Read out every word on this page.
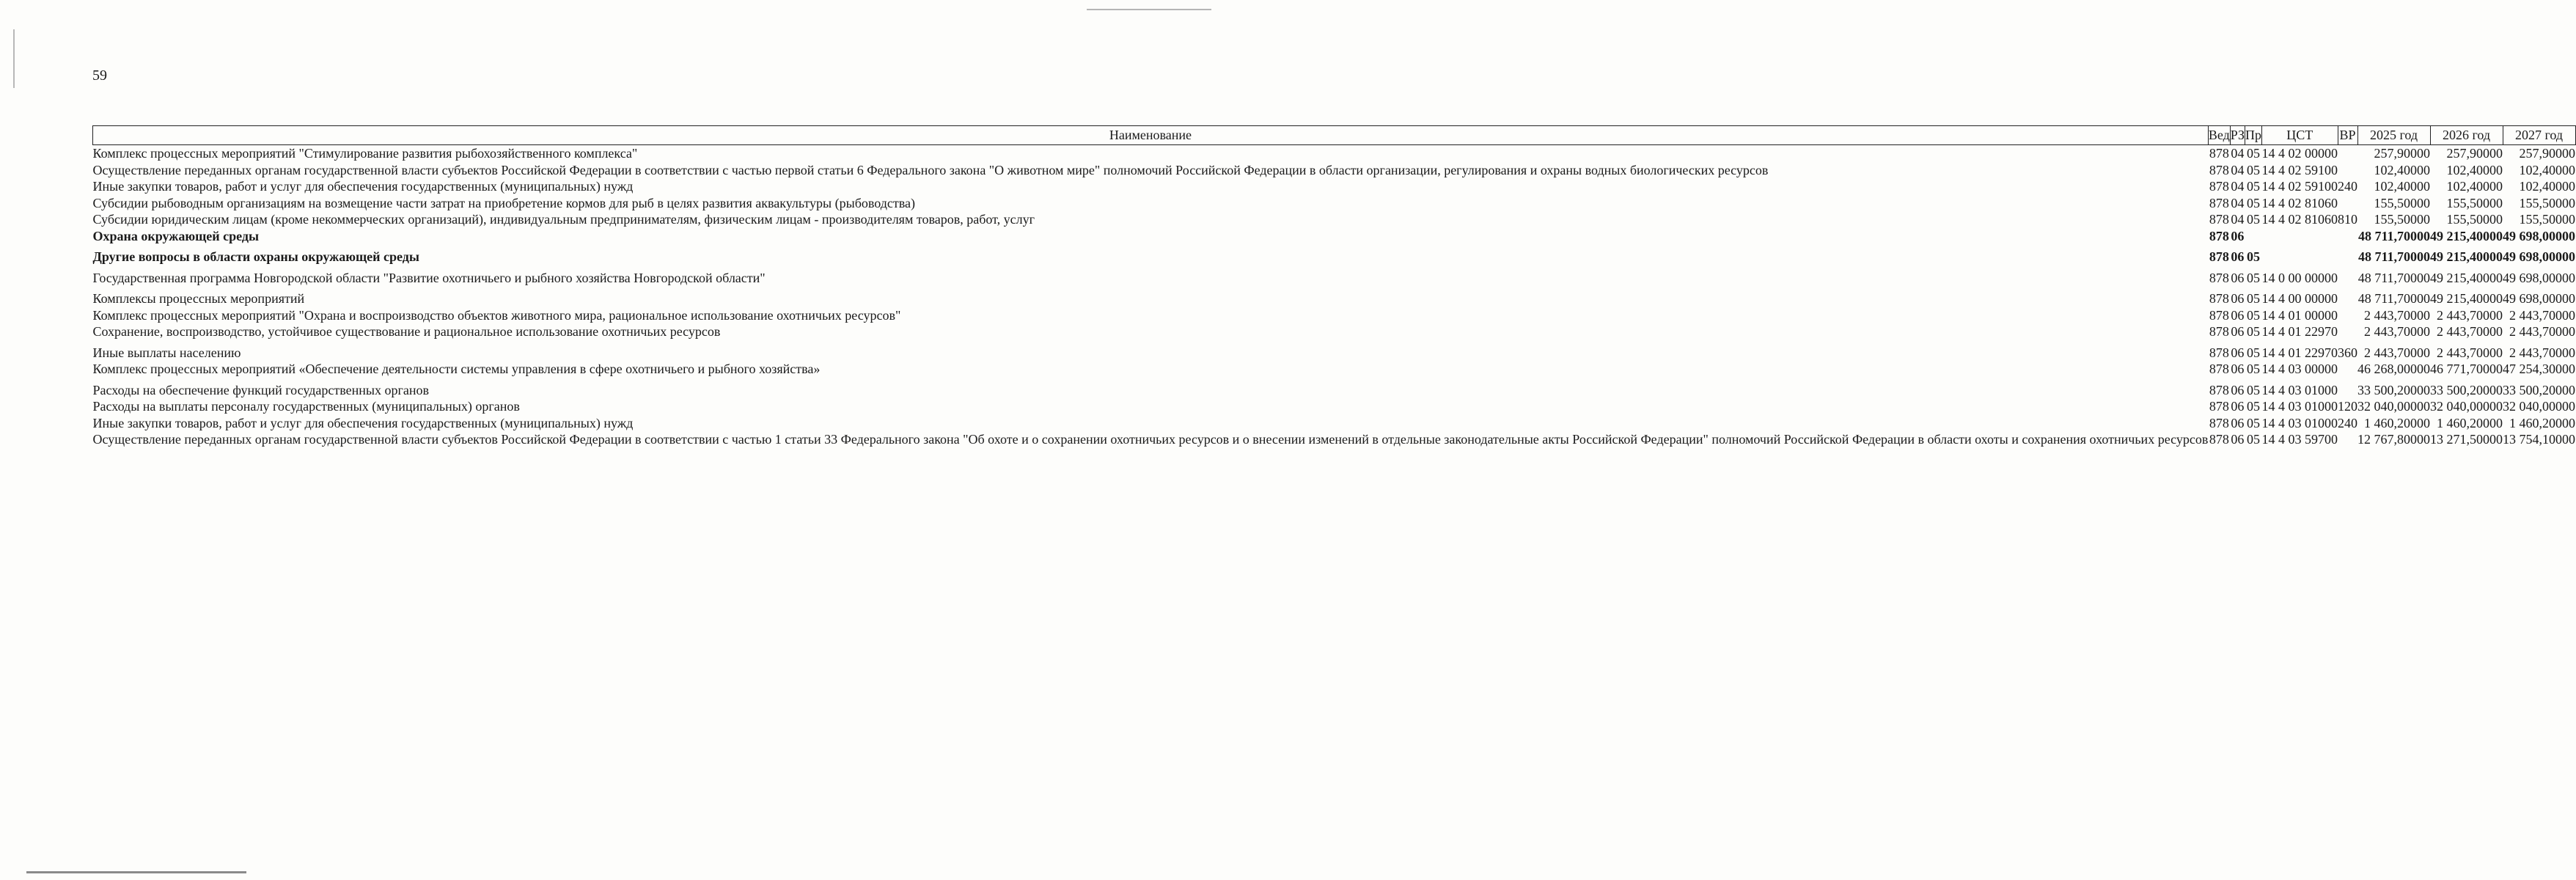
59
Наименование	Вед	РЗ	Пр	ЦСТ	ВР	2025 год	2026 год	2027 год
Комплекс процессных мероприятий "Стимулирование развития рыбохозяйственного комплекса"	878	04	05	14 4 02 00000		257,90000	257,90000	257,90000
Осуществление переданных органам государственной власти субъектов Российской Федерации в соответствии с частью первой статьи 6 Федерального закона "О животном мире" полномочий Российской Федерации в области организации, регулирования и охраны водных биологических ресурсов	878	04	05	14 4 02 59100		102,40000	102,40000	102,40000
Иные закупки товаров, работ и услуг для обеспечения государственных (муниципальных) нужд	878	04	05	14 4 02 59100	240	102,40000	102,40000	102,40000
Субсидии рыбоводным организациям на возмещение части затрат на приобретение кормов для рыб в целях развития аквакультуры (рыбоводства)	878	04	05	14 4 02 81060		155,50000	155,50000	155,50000
Субсидии юридическим лицам (кроме некоммерческих организаций), индивидуальным предпринимателям, физическим лицам - производителям товаров, работ, услуг	878	04	05	14 4 02 81060	810	155,50000	155,50000	155,50000
Охрана окружающей среды	878	06				48 711,70000	49 215,40000	49 698,00000
Другие вопросы в области охраны окружающей среды	878	06	05			48 711,70000	49 215,40000	49 698,00000
Государственная программа Новгородской области "Развитие охотничьего и рыбного хозяйства Новгородской области"	878	06	05	14 0 00 00000		48 711,70000	49 215,40000	49 698,00000
Комплексы процессных мероприятий	878	06	05	14 4 00 00000		48 711,70000	49 215,40000	49 698,00000
Комплекс процессных мероприятий "Охрана и воспроизводство объектов животного мира, рациональное использование охотничьих ресурсов"	878	06	05	14 4 01 00000		2 443,70000	2 443,70000	2 443,70000
Сохранение, воспроизводство, устойчивое существование и рациональное использование охотничьих ресурсов	878	06	05	14 4 01 22970		2 443,70000	2 443,70000	2 443,70000
Иные выплаты населению	878	06	05	14 4 01 22970	360	2 443,70000	2 443,70000	2 443,70000
Комплекс процессных мероприятий «Обеспечение деятельности системы управления в сфере охотничьего и рыбного хозяйства»	878	06	05	14 4 03 00000		46 268,00000	46 771,70000	47 254,30000
Расходы на обеспечение функций государственных органов	878	06	05	14 4 03 01000		33 500,20000	33 500,20000	33 500,20000
Расходы на выплаты персоналу государственных (муниципальных) органов	878	06	05	14 4 03 01000	120	32 040,00000	32 040,00000	32 040,00000
Иные закупки товаров, работ и услуг для обеспечения государственных (муниципальных) нужд	878	06	05	14 4 03 01000	240	1 460,20000	1 460,20000	1 460,20000
Осуществление переданных органам государственной власти субъектов Российской Федерации в соответствии с частью 1 статьи 33 Федерального закона "Об охоте и о сохранении охотничьих ресурсов и о внесении изменений в отдельные законодательные акты Российской Федерации" полномочий Российской Федерации в области охоты и сохранения охотничьих ресурсов	878	06	05	14 4 03 59700		12 767,80000	13 271,50000	13 754,10000
